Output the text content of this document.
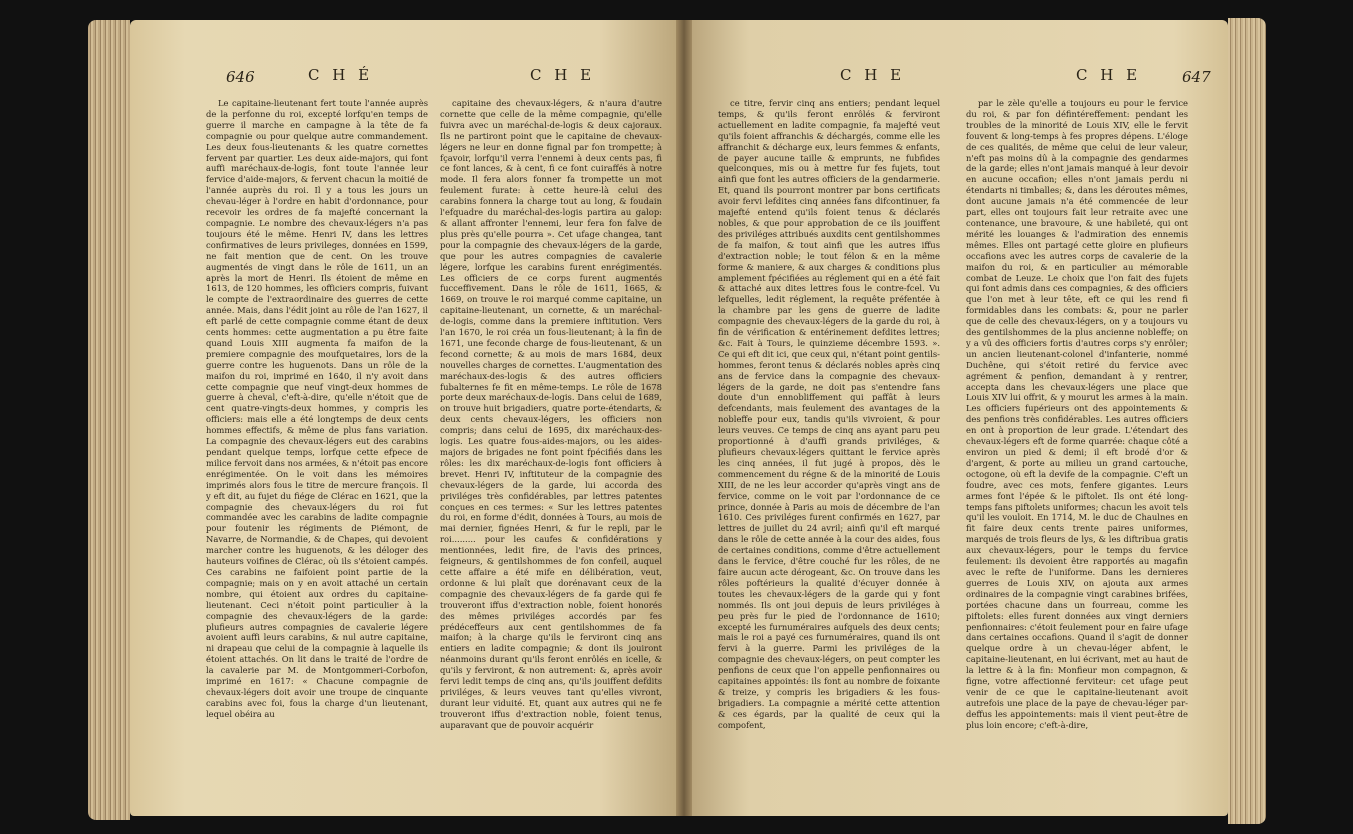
646	C H É	C H E

Le capitaine-lieutenant fert toute l'année auprès de la perfonne du roi, excepté lorfqu'en temps de guerre il marche en campagne à la tête de fa compagnie ou pour quelque autre commandement. Les deux fous-lieutenants & les quatre cornettes fervent par quartier. Les deux aide-majors, qui font auffi maréchaux-de-logis, font toute l'année leur fervice d'aide-majors, & fervent chacun la moitié de l'année auprès du roi. Il y a tous les jours un chevau-léger à l'ordre en habit d'ordonnance, pour recevoir les ordres de fa majefté concernant la compagnie. Le nombre des chevaux-légers n'a pas toujours été le même. Henri IV, dans les lettres confirmatives de leurs privileges, données en 1599, ne fait mention que de cent. On les trouve augmentés de vingt dans le rôle de 1611, un an après la mort de Henri. Ils étoient de même en 1613, de 120 hommes, les officiers compris, fuivant le compte de l'extraordinaire des guerres de cette année. Mais, dans l'édit joint au rôle de l'an 1627, il eft parlé de cette compagnie comme étant de deux cents hommes: cette augmentation a pu être faite quand Louis XIII augmenta fa maifon de la premiere compagnie des moufquetaires, lors de la guerre contre les huguenots. Dans un rôle de la maifon du roi, imprimé en 1640, il n'y avoit dans cette compagnie que neuf vingt-deux hommes de guerre à cheval, c'eft-à-dire, qu'elle n'étoit que de cent quatre-vingts-deux hommes, y compris les officiers: mais elle a été longtemps de deux cents hommes effectifs, & même de plus fans variation. La compagnie des chevaux-légers eut des carabins pendant quelque temps, lorfque cette efpece de milice fervoit dans nos armées, & n'étoit pas encore enrégimentée. On le voit dans les mémoires imprimés alors fous le titre de mercure françois. Il y eft dit, au fujet du fiége de Clérac en 1621, que la compagnie des chevaux-légers du roi fut commandée avec les carabins de ladite compagnie pour foutenir les régiments de Piémont, de Navarre, de Normandie, & de Chapes, qui devoient marcher contre les huguenots, & les déloger des hauteurs voifines de Clérac, où ils s'étoient campés. Ces carabins ne faifoient point partie de la compagnie; mais on y en avoit attaché un certain nombre, qui étoient aux ordres du capitaine-lieutenant. Ceci n'étoit point particulier à la compagnie des chevaux-légers de la garde: plufieurs autres compagnies de cavalerie légere avoient auffi leurs carabins, & nul autre capitaine, ni drapeau que celui de la compagnie à laquelle ils étoient attachés. On lit dans le traité de l'ordre de la cavalerie par M. de Montgommeri-Corbofon, imprimé en 1617: « Chacune compagnie de chevaux-légers doit avoir une troupe de cinquante carabins avec foi, fous la charge d'un lieutenant, lequel obéira au

capitaine des chevaux-légers, & n'aura d'autre cornette que celle de la même compagnie, qu'elle fuivra avec un maréchal-de-logis & deux cajoraux. Ils ne partiront point que le capitaine de chevaux-légers ne leur en donne fignal par fon trompette; à fçavoir, lorfqu'il verra l'ennemi à deux cents pas, fi ce font lances, & à cent, fi ce font cuiraffés à notre mode. Il fera alors fonner fa trompette un mot feulement furate: à cette heure-là celui des carabins fonnera la charge tout au long, & foudain l'efquadre du maréchal-des-logis partira au galop: & allant affronter l'ennemi, leur fera fon falve de plus près qu'elle pourra ». Cet ufage changea, tant pour la compagnie des chevaux-légers de la garde, que pour les autres compagnies de cavalerie légere, lorfque les carabins furent enrégimentés. Les officiers de ce corps furent augmentés fucceffivement. Dans le rôle de 1611, 1665, & 1669, on trouve le roi marqué comme capitaine, un capitaine-lieutenant, un cornette, & un maréchal-de-logis, comme dans la premiere inftitution. Vers l'an 1670, le roi créa un fous-lieutenant; à la fin de 1671, une feconde charge de fous-lieutenant, & un fecond cornette; & au mois de mars 1684, deux nouvelles charges de cornettes. L'augmentation des maréchaux-des-logis & des autres officiers fubalternes fe fit en même-temps. Le rôle de 1678 porte deux maréchaux-de-logis. Dans celui de 1689, on trouve huit brigadiers, quatre porte-étendarts, & deux cents chevaux-légers, les officiers non compris; dans celui de 1695, dix maréchaux-des-logis. Les quatre fous-aides-majors, ou les aides-majors de brigades ne font point fpécifiés dans les rôles: les dix maréchaux-de-logis font officiers à brevet. Henri IV, inftituteur de la compagnie des chevaux-légers de la garde, lui accorda des priviléges très confidérables, par lettres patentes conçues en ces termes: « Sur les lettres patentes du roi, en forme d'édit, données à Tours, au mois de mai dernier, fignées Henri, & fur le repli, par le roi......... pour les caufes & confidérations y mentionnées, ledit fire, de l'avis des princes, feigneurs, & gentilshommes de fon confeil, auquel cette affaire a été mife en délibération, veut, ordonne & lui plaît que dorénavant ceux de la compagnie des chevaux-légers de fa garde qui fe trouveront iffus d'extraction noble, foient honorés des mêmes priviléges accordés par fes prédéceffeurs aux cent gentilshommes de fa maifon; à la charge qu'ils le ferviront cinq ans entiers en ladite compagnie; & dont ils jouiront néanmoins durant qu'ils feront enrôlés en icelle, & qu'ils y ferviront, & non autrement: &, après avoir fervi ledit temps de cinq ans, qu'ils jouiffent defdits priviléges, & leurs veuves tant qu'elles vivront, durant leur viduité. Et, quant aux autres qui ne fe trouveront iffus d'extraction noble, foient tenus, auparavant que de pouvoir acquérir

C H E	C H E	647

ce titre, fervir cinq ans entiers; pendant lequel temps, & qu'ils feront enrôlés & ferviront actuellement en ladite compagnie, fa majefté veut qu'ils foient affranchis & déchargés, comme elle les affranchit & décharge eux, leurs femmes & enfants, de payer aucune taille & emprunts, ne fubfides quelconques, mis ou à mettre fur fes fujets, tout ainfi que font les autres officiers de la gendarmerie. Et, quand ils pourront montrer par bons certificats avoir fervi lefdites cinq années fans difcontinuer, fa majefté entend qu'ils foient tenus & déclarés nobles, & que pour approbation de ce ils jouiffent des priviléges attribués auxdits cent gentilshommes de fa maifon, & tout ainfi que les autres iffus d'extraction noble; le tout félon & en la même forme & maniere, & aux charges & conditions plus amplement fpécifiées au réglement qui en a été fait & attaché aux dites lettres fous le contre-fcel. Vu lefquelles, ledit réglement, la requête préfentée à la chambre par les gens de guerre de ladite compagnie des chevaux-légers de la garde du roi, à fin de vérification & entérinement defdites lettres; &c. Fait à Tours, le quinzieme décembre 1593. ». Ce qui eft dit ici, que ceux qui, n'étant point gentils-hommes, feront tenus & déclarés nobles après cinq ans de fervice dans la compagnie des chevaux-légers de la garde, ne doit pas s'entendre fans doute d'un ennobliffement qui paffât à leurs defcendants, mais feulement des avantages de la nobleffe pour eux, tandis qu'ils vivroient, & pour leurs veuves. Ce temps de cinq ans ayant paru peu proportionné à d'auffi grands priviléges, & plufieurs chevaux-légers quittant le fervice après les cinq années, il fut jugé à propos, dès le commencement du régne & de la minorité de Louis XIII, de ne les leur accorder qu'après vingt ans de fervice, comme on le voit par l'ordonnance de ce prince, donnée à Paris au mois de décembre de l'an 1610. Ces priviléges furent confirmés en 1627, par lettres de juillet du 24 avril; ainfi qu'il eft marqué dans le rôle de cette année à la cour des aides, fous de certaines conditions, comme d'être actuellement dans le fervice, d'être couché fur les rôles, de ne faire aucun acte dérogeant, &c. On trouve dans les rôles poftérieurs la qualité d'écuyer donnée à toutes les chevaux-légers de la garde qui y font nommés. Ils ont joui depuis de leurs priviléges à peu près fur le pied de l'ordonnance de 1610; excepté les furnuméraires aufquels des deux cents; mais le roi a payé ces furnuméraires, quand ils ont fervi à la guerre. Parmi les priviléges de la compagnie des chevaux-légers, on peut compter les penfions de ceux que l'on appelle penfionnaires ou capitaines appointés: ils font au nombre de foixante & treize, y compris les brigadiers & les fous-brigadiers. La compagnie a mérité cette attention & ces égards, par la qualité de ceux qui la compofent,

par le zèle qu'elle a toujours eu pour le fervice du roi, & par fon défintéreffement: pendant les troubles de la minorité de Louis XIV, elle le fervit fouvent & long-temps à fes propres dépens. L'éloge de ces qualités, de même que celui de leur valeur, n'eft pas moins dû à la compagnie des gendarmes de la garde; elles n'ont jamais manqué à leur devoir en aucune occafion; elles n'ont jamais perdu ni étendarts ni timballes; &, dans les déroutes mêmes, dont aucune jamais n'a été commencée de leur part, elles ont toujours fait leur retraite avec une contenance, une bravoure, & une habileté, qui ont mérité les louanges & l'admiration des ennemis mêmes. Elles ont partagé cette gloire en plufieurs occafions avec les autres corps de cavalerie de la maifon du roi, & en particulier au mémorable combat de Leuze. Le choix que l'on fait des fujets qui font admis dans ces compagnies, & des officiers que l'on met à leur tête, eft ce qui les rend fi formidables dans les combats: &, pour ne parler que de celle des chevaux-légers, on y a toujours vu des gentilshommes de la plus ancienne nobleffe; on y a vû des officiers fortis d'autres corps s'y enrôler; un ancien lieutenant-colonel d'infanterie, nommé Duchêne, qui s'étoit retiré du fervice avec agrément & penfion, demandant à y rentrer, accepta dans les chevaux-légers une place que Louis XIV lui offrit, & y mourut les armes à la main. Les officiers fupérieurs ont des appointements & des penfions très confidérables. Les autres officiers en ont à proportion de leur grade. L'étendart des chevaux-légers eft de forme quarrée: chaque côté a environ un pied & demi; il eft brodé d'or & d'argent, & porte au milieu un grand cartouche, octogone, où eft la devife de la compagnie. C'eft un foudre, avec ces mots, fenfere gigantes. Leurs armes font l'épée & le piftolet. Ils ont été long-temps fans piftolets uniformes; chacun les avoit tels qu'il les vouloit. En 1714, M. le duc de Chaulnes en fit faire deux cents trente paires uniformes, marqués de trois fleurs de lys, & les diftribua gratis aux chevaux-légers, pour le temps du fervice feulement: ils devoient être rapportés au magafin avec le refte de l'uniforme. Dans les dernieres guerres de Louis XIV, on ajouta aux armes ordinaires de la compagnie vingt carabines brifées, portées chacune dans un fourreau, comme les piftolets: elles furent données aux vingt derniers penfionnaires: c'étoit feulement pour en faire ufage dans certaines occafions. Quand il s'agit de donner quelque ordre à un chevau-léger abfent, le capitaine-lieutenant, en lui écrivant, met au haut de la lettre & à la fin: Monfieur mon compagnon, & figne, votre affectionné ferviteur: cet ufage peut venir de ce que le capitaine-lieutenant avoit autrefois une place de la paye de chevau-léger par-deffus les appointements: mais il vient peut-être de plus loin encore; c'eft-à-dire,
